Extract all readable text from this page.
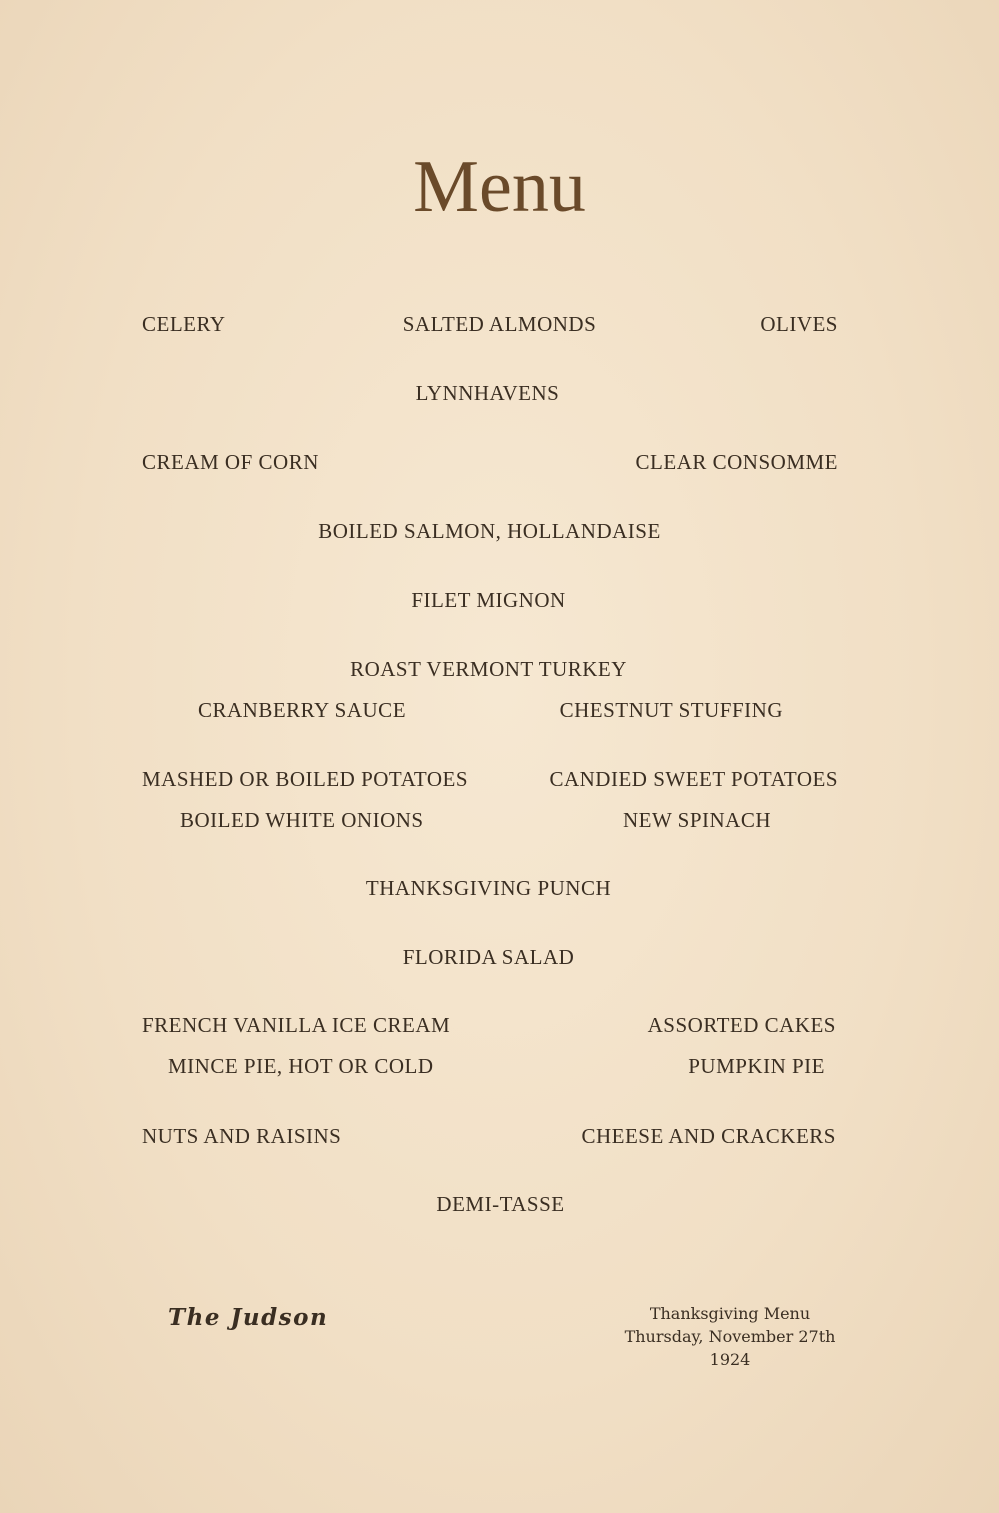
Menu
CELERY	SALTED ALMONDS	OLIVES
LYNNHAVENS
CREAM OF CORN	CLEAR CONSOMME
BOILED SALMON, HOLLANDAISE
FILET MIGNON
ROAST VERMONT TURKEY
CRANBERRY SAUCE	CHESTNUT STUFFING
MASHED OR BOILED POTATOES	CANDIED SWEET POTATOES
BOILED WHITE ONIONS	NEW SPINACH
THANKSGIVING PUNCH
FLORIDA SALAD
FRENCH VANILLA ICE CREAM	ASSORTED CAKES
MINCE PIE, HOT OR COLD	PUMPKIN PIE
NUTS AND RAISINS	CHEESE AND CRACKERS
DEMI-TASSE
The Judson	Thanksgiving Menu
Thursday, November 27th
1924
